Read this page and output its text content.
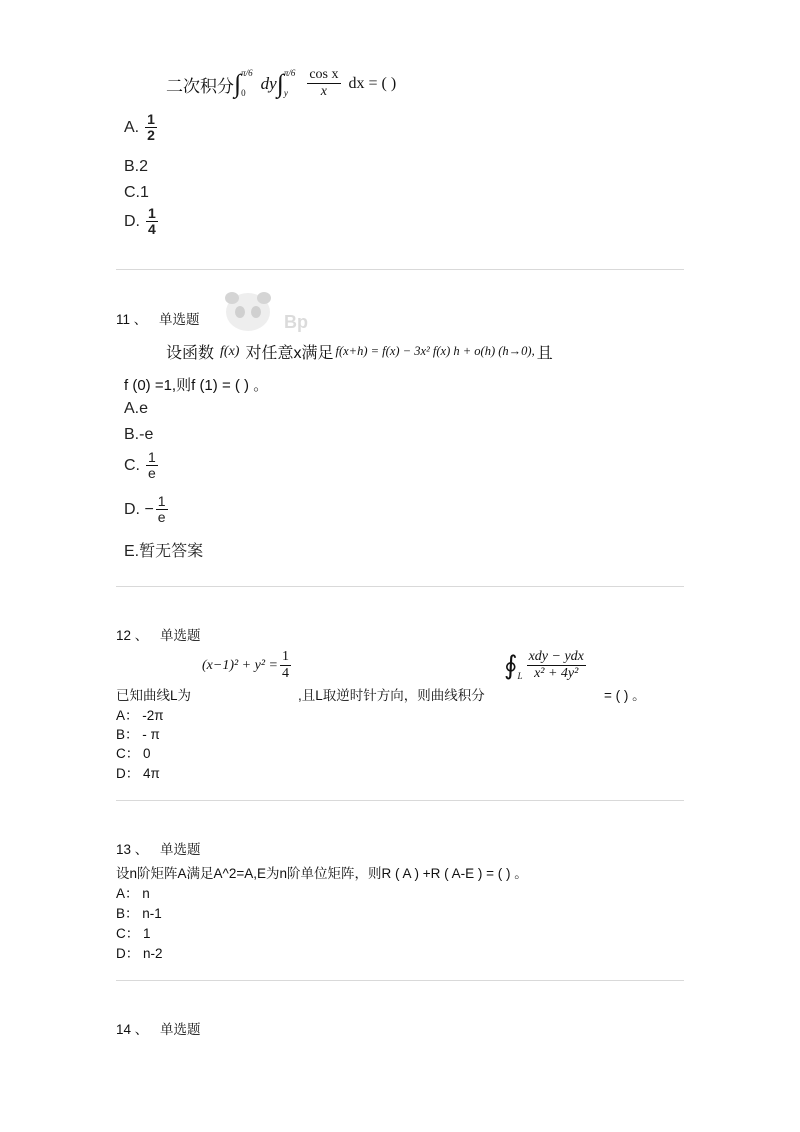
二次积分 ∫ π/6
0 dy ∫ π/6
y	$\frac{\text{cos x}}{x}$ dx = ( )
A. $\frac{1}{2}$
B.2
C.1
D. $\frac{1}{4}$
11 、 单选题	Bp
设函数 f(x) 对任意x满足 f(x+h) = f(x) − 3x² f(x) h + o(h) (h→0), 且
f (0) =1,则f (1) = ( ) 。
A.e
B.-e
C. $\frac{1}{e}$
D. − $\frac{1}{e}$
E.暂无答案
12 、 单选题
$(x-1)^2 + y^2 = \frac{1}{4}$
已知曲线L为	,且L取逆时针方向，则曲线积分
∮ L $\frac{\text{xdy − ydx}}{\text{x² + 4y²}}$
= ( ) 。
A： -2π
B： - π
C： 0
D： 4π
13 、 单选题
设n阶矩阵A满足A^2=A,E为n阶单位矩阵，则R ( A ) +R ( A-E ) = ( ) 。
A： n
B： n-1
C： 1
D： n-2
14 、 单选题
